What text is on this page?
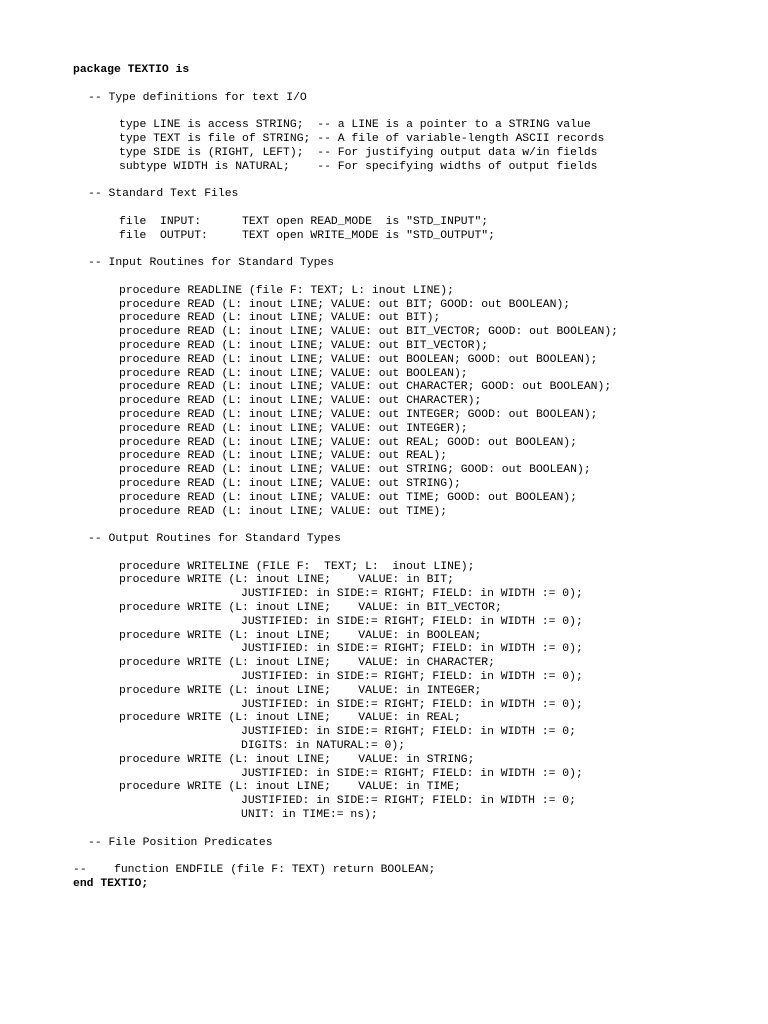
package TEXTIO is

-- Type definitions for text I/O

type LINE is access STRING;  -- a LINE is a pointer to a STRING value
type TEXT is file of STRING; -- A file of variable-length ASCII records
type SIDE is (RIGHT, LEFT);  -- For justifying output data w/in fields
subtype WIDTH is NATURAL;    -- For specifying widths of output fields

-- Standard Text Files

file  INPUT:      TEXT open READ_MODE  is "STD_INPUT";
file  OUTPUT:     TEXT open WRITE_MODE is "STD_OUTPUT";

-- Input Routines for Standard Types

procedure READLINE (file F: TEXT; L: inout LINE);
procedure READ (L: inout LINE; VALUE: out BIT; GOOD: out BOOLEAN);
procedure READ (L: inout LINE; VALUE: out BIT);
procedure READ (L: inout LINE; VALUE: out BIT_VECTOR; GOOD: out BOOLEAN);
procedure READ (L: inout LINE; VALUE: out BIT_VECTOR);
procedure READ (L: inout LINE; VALUE: out BOOLEAN; GOOD: out BOOLEAN);
procedure READ (L: inout LINE; VALUE: out BOOLEAN);
procedure READ (L: inout LINE; VALUE: out CHARACTER; GOOD: out BOOLEAN);
procedure READ (L: inout LINE; VALUE: out CHARACTER);
procedure READ (L: inout LINE; VALUE: out INTEGER; GOOD: out BOOLEAN);
procedure READ (L: inout LINE; VALUE: out INTEGER);
procedure READ (L: inout LINE; VALUE: out REAL; GOOD: out BOOLEAN);
procedure READ (L: inout LINE; VALUE: out REAL);
procedure READ (L: inout LINE; VALUE: out STRING; GOOD: out BOOLEAN);
procedure READ (L: inout LINE; VALUE: out STRING);
procedure READ (L: inout LINE; VALUE: out TIME; GOOD: out BOOLEAN);
procedure READ (L: inout LINE; VALUE: out TIME);

-- Output Routines for Standard Types

procedure WRITELINE (FILE F:  TEXT; L:  inout LINE);
procedure WRITE (L: inout LINE;    VALUE: in BIT;
JUSTIFIED: in SIDE:= RIGHT; FIELD: in WIDTH := 0);
procedure WRITE (L: inout LINE;    VALUE: in BIT_VECTOR;
JUSTIFIED: in SIDE:= RIGHT; FIELD: in WIDTH := 0);
procedure WRITE (L: inout LINE;    VALUE: in BOOLEAN;
JUSTIFIED: in SIDE:= RIGHT; FIELD: in WIDTH := 0);
procedure WRITE (L: inout LINE;    VALUE: in CHARACTER;
JUSTIFIED: in SIDE:= RIGHT; FIELD: in WIDTH := 0);
procedure WRITE (L: inout LINE;    VALUE: in INTEGER;
JUSTIFIED: in SIDE:= RIGHT; FIELD: in WIDTH := 0);
procedure WRITE (L: inout LINE;    VALUE: in REAL;
JUSTIFIED: in SIDE:= RIGHT; FIELD: in WIDTH := 0;
DIGITS: in NATURAL:= 0);
procedure WRITE (L: inout LINE;    VALUE: in STRING;
JUSTIFIED: in SIDE:= RIGHT; FIELD: in WIDTH := 0);
procedure WRITE (L: inout LINE;    VALUE: in TIME;
JUSTIFIED: in SIDE:= RIGHT; FIELD: in WIDTH := 0;
UNIT: in TIME:= ns);

-- File Position Predicates

--    function ENDFILE (file F: TEXT) return BOOLEAN;
end TEXTIO;
